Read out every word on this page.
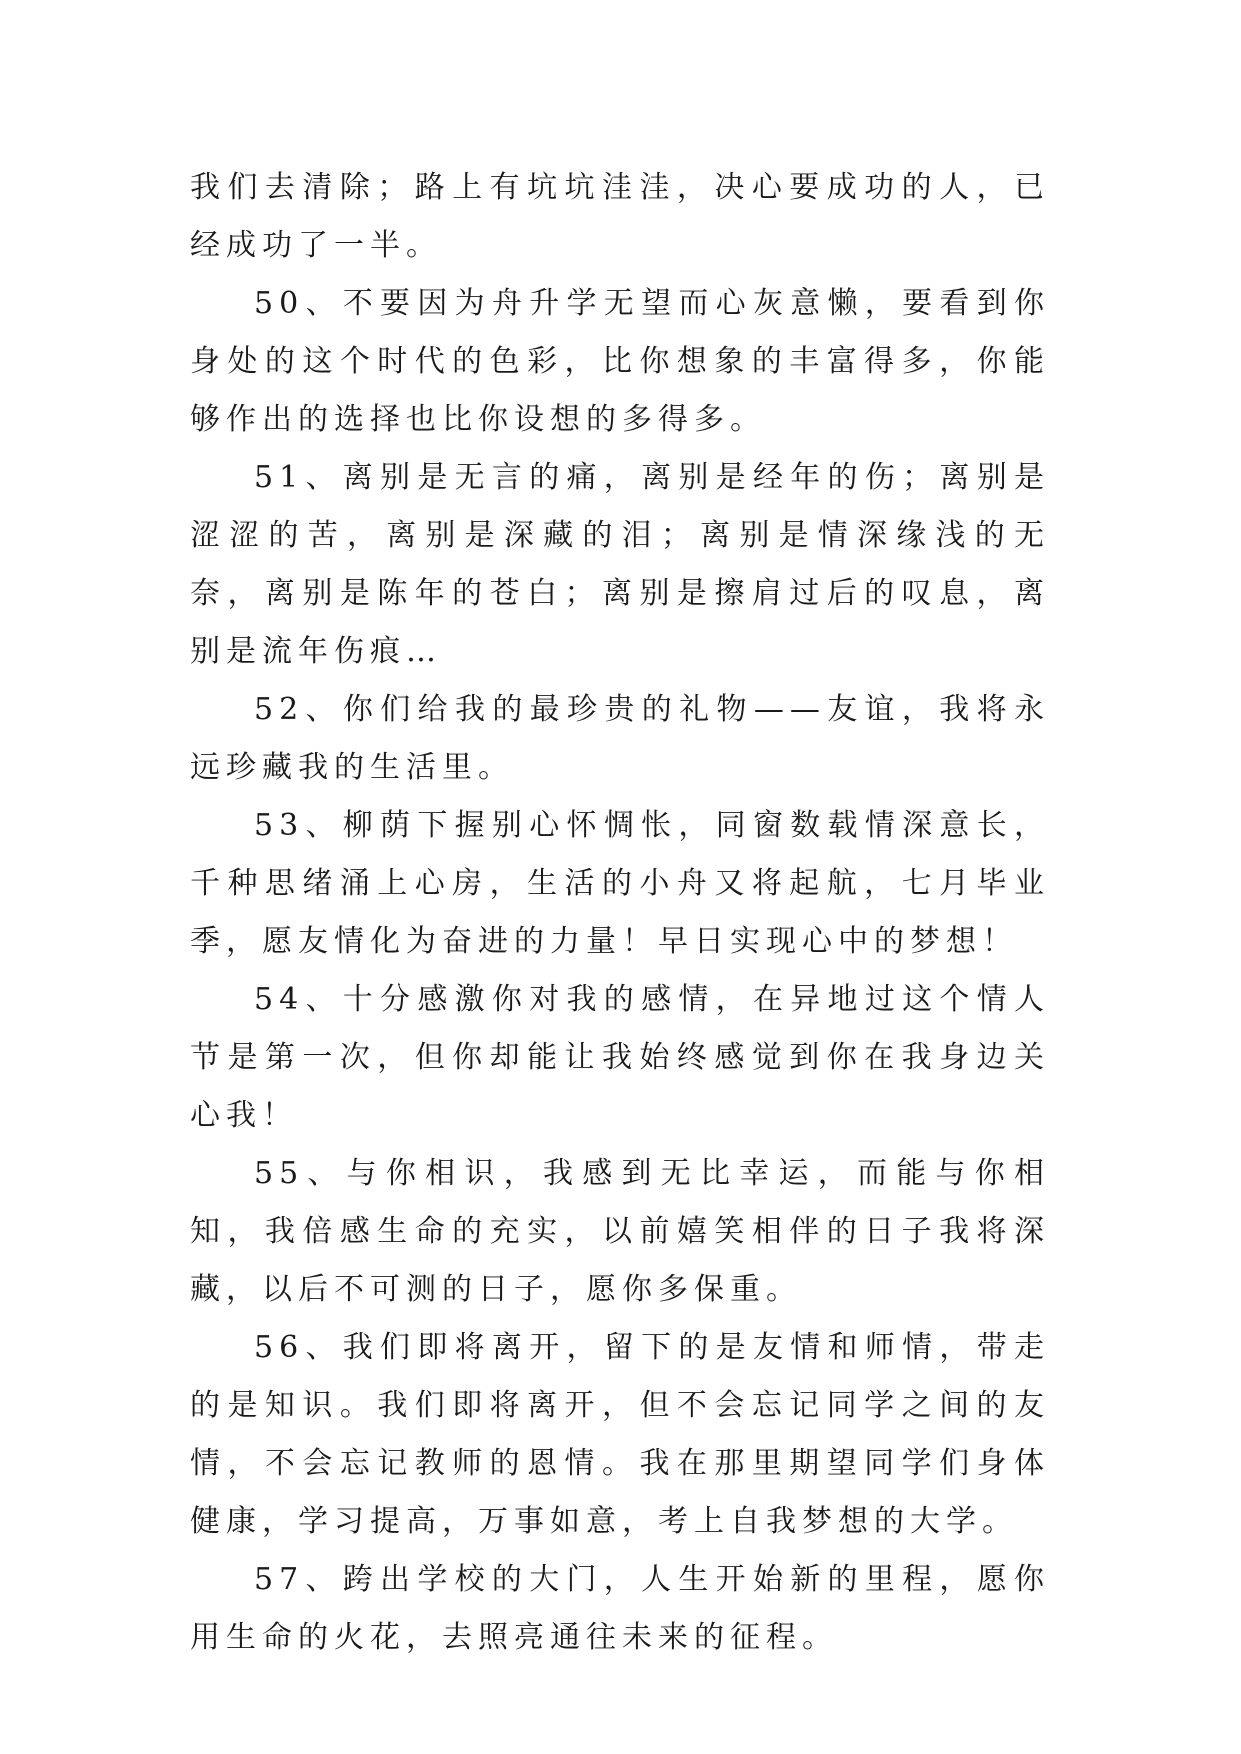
我们去清除；路上有坑坑洼洼，决心要成功的人，已经成功了一半。

50、不要因为舟升学无望而心灰意懒，要看到你身处的这个时代的色彩，比你想象的丰富得多，你能够作出的选择也比你设想的多得多。

51、离别是无言的痛，离别是经年的伤；离别是涩涩的苦，离别是深藏的泪；离别是情深缘浅的无奈，离别是陈年的苍白；离别是擦肩过后的叹息，离别是流年伤痕…

52、你们给我的最珍贵的礼物——友谊，我将永远珍藏我的生活里。

53、柳荫下握别心怀惆怅，同窗数载情深意长，千种思绪涌上心房，生活的小舟又将起航，七月毕业季，愿友情化为奋进的力量！早日实现心中的梦想！

54、十分感激你对我的感情，在异地过这个情人节是第一次，但你却能让我始终感觉到你在我身边关心我！

55、与你相识，我感到无比幸运，而能与你相知，我倍感生命的充实，以前嬉笑相伴的日子我将深藏，以后不可测的日子，愿你多保重。

56、我们即将离开，留下的是友情和师情，带走的是知识。我们即将离开，但不会忘记同学之间的友情，不会忘记教师的恩情。我在那里期望同学们身体健康，学习提高，万事如意，考上自我梦想的大学。

57、跨出学校的大门，人生开始新的里程，愿你用生命的火花，去照亮通往未来的征程。
